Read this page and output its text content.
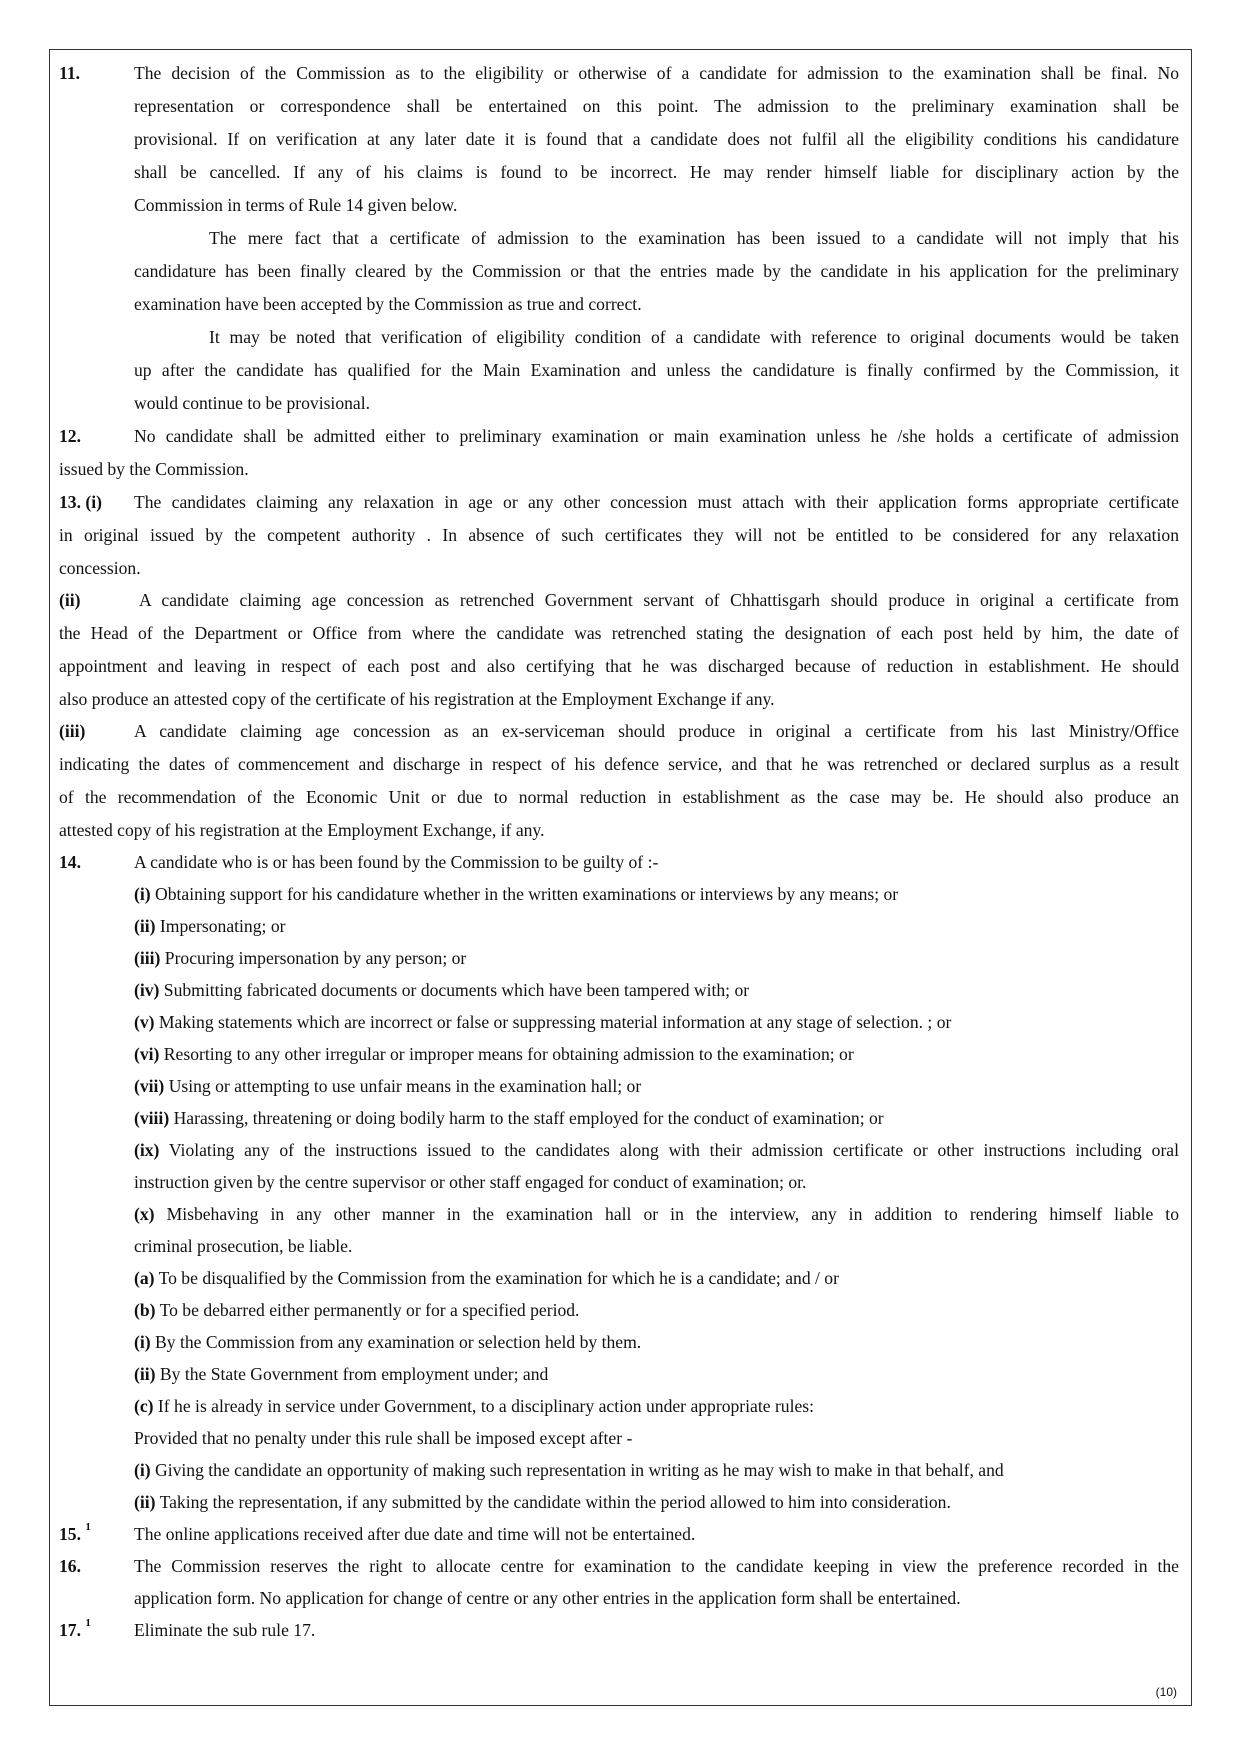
11.	The decision of the Commission as to the eligibility or otherwise of a candidate for admission to the examination shall be final. No
representation or correspondence shall be entertained on this point. The admission to the preliminary examination shall be
provisional. If on verification at any later date it is found that a candidate does not fulfil all the eligibility conditions his candidature
shall be cancelled. If any of his claims is found to be incorrect. He may render himself liable for disciplinary action by the
Commission in terms of Rule 14 given below.
The mere fact that a certificate of admission to the examination has been issued to a candidate will not imply that his
candidature has been finally cleared by the Commission or that the entries made by the candidate in his application for the preliminary
examination have been accepted by the Commission as true and correct.
It may be noted that verification of eligibility condition of a candidate with reference to original documents would be taken
up after the candidate has qualified for the Main Examination and unless the candidature is finally confirmed by the Commission, it
would continue to be provisional.
12.	No candidate shall be admitted either to preliminary examination or main examination unless he /she holds a certificate of admission
issued by the Commission.
13. (i) The candidates claiming any relaxation in age or any other concession must attach with their application forms appropriate certificate
in original issued by the competent authority . In absence of such certificates they will not be entitled to be considered for any relaxation
concession.
(ii)	A candidate claiming age concession as retrenched Government servant of Chhattisgarh should produce in original a certificate from
the Head of the Department or Office from where the candidate was retrenched stating the designation of each post held by him, the date of
appointment and leaving in respect of each post and also certifying that he was discharged because of reduction in establishment. He should
also produce an attested copy of the certificate of his registration at the Employment Exchange if any.
(iii)	A candidate claiming age concession as an ex-serviceman should produce in original a certificate from his last Ministry/Office
indicating the dates of commencement and discharge in respect of his defence service, and that he was retrenched or declared surplus as a result
of the recommendation of the Economic Unit or due to normal reduction in establishment as the case may be. He should also produce an
attested copy of his registration at the Employment Exchange, if any.
14.	A candidate who is or has been found by the Commission to be guilty of :-
(i) Obtaining support for his candidature whether in the written examinations or interviews by any means; or
(ii) Impersonating; or
(iii) Procuring impersonation by any person; or
(iv) Submitting fabricated documents or documents which have been tampered with; or
(v) Making statements which are incorrect or false or suppressing material information at any stage of selection. ; or
(vi) Resorting to any other irregular or improper means for obtaining admission to the examination; or
(vii) Using or attempting to use unfair means in the examination hall; or
(viii) Harassing, threatening or doing bodily harm to the staff employed for the conduct of examination; or
(ix) Violating any of the instructions issued to the candidates along with their admission certificate or other instructions including oral
instruction given by the centre supervisor or other staff engaged for conduct of examination; or.
(x) Misbehaving in any other manner in the examination hall or in the interview, any in addition to rendering himself liable to
criminal prosecution, be liable.
(a) To be disqualified by the Commission from the examination for which he is a candidate; and / or
(b) To be debarred either permanently or for a specified period.
(i) By the Commission from any examination or selection held by them.
(ii) By the State Government from employment under; and
(c) If he is already in service under Government, to a disciplinary action under appropriate rules:
Provided that no penalty under this rule shall be imposed except after -
(i) Giving the candidate an opportunity of making such representation in writing as he may wish to make in that behalf, and
(ii) Taking the representation, if any submitted by the candidate within the period allowed to him into consideration.
15. $^1$ The online applications received after due date and time will not be entertained.
16.	The Commission reserves the right to allocate centre for examination to the candidate keeping in view the preference recorded in the
application form. No application for change of centre or any other entries in the application form shall be entertained.
17. $^1$ Eliminate the sub rule 17.
(10)
